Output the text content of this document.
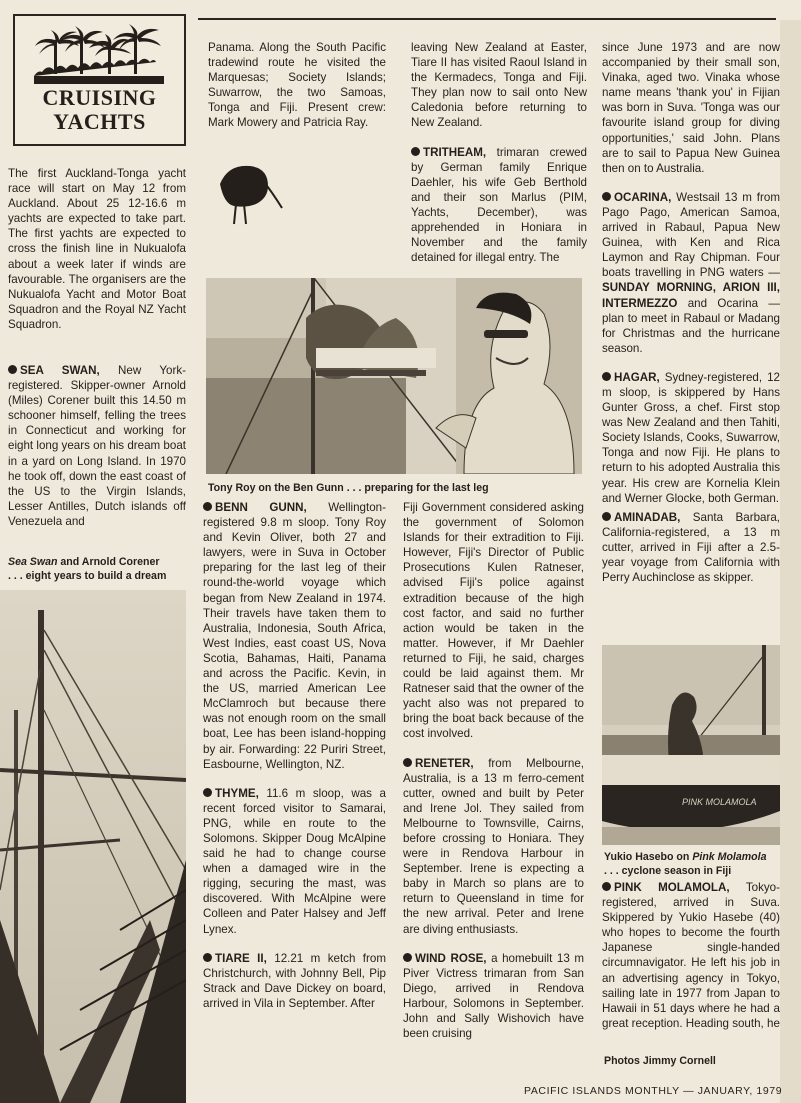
CRUISING
YACHTS

The first Auckland-Tonga yacht race will start on May 12 from Auckland. About 25 12-16.6 m yachts are expected to take part. The first yachts are expected to cross the finish line in Nukualofa about a week later if winds are favourable. The organisers are the Nukualofa Yacht and Motor Boat Squadron and the Royal NZ Yacht Squadron.

SEA SWAN, New York-registered. Skipper-owner Arnold (Miles) Corener built this 14.50 m schooner himself, felling the trees in Connecticut and working for eight long years on his dream boat in a yard on Long Island. In 1970 he took off, down the east coast of the US to the Virgin Islands, Lesser Antilles, Dutch islands off Venezuela and

Sea Swan and Arnold Corener
. . . eight years to build a dream

Panama. Along the South Pacific tradewind route he visited the Marquesas; Society Islands; Suwarrow, the two Samoas, Tonga and Fiji. Present crew: Mark Mowery and Patricia Ray.

leaving New Zealand at Easter, Tiare II has visited Raoul Island in the Kermadecs, Tonga and Fiji. They plan now to sail onto New Caledonia before returning to New Zealand.

TRITHEAM, trimaran crewed by German family Enrique Daehler, his wife Geb Berthold and their son Marlus (PIM, Yachts, December), was apprehended in Honiara in November and the family detained for illegal entry. The

Tony Roy on the Ben Gunn . . . preparing for the last leg

BENN GUNN, Wellington-registered 9.8 m sloop. Tony Roy and Kevin Oliver, both 27 and lawyers, were in Suva in October preparing for the last leg of their round-the-world voyage which began from New Zealand in 1974. Their travels have taken them to Australia, Indonesia, South Africa, West Indies, east coast US, Nova Scotia, Bahamas, Haiti, Panama and across the Pacific. Kevin, in the US, married American Lee McClamroch but because there was not enough room on the small boat, Lee has been island-hopping by air. Forwarding: 22 Puriri Street, Easbourne, Wellington, NZ.

THYME, 11.6 m sloop, was a recent forced visitor to Samarai, PNG, while en route to the Solomons. Skipper Doug McAlpine said he had to change course when a damaged wire in the rigging, securing the mast, was discovered. With McAlpine were Colleen and Pater Halsey and Jeff Lynex.

TIARE II, 12.21 m ketch from Christchurch, with Johnny Bell, Pip Strack and Dave Dickey on board, arrived in Vila in September. After

Fiji Government considered asking the government of Solomon Islands for their extradition to Fiji. However, Fiji's Director of Public Prosecutions Kulen Ratneser, advised Fiji's police against extradition because of the high cost factor, and said no further action would be taken in the matter. However, if Mr Daehler returned to Fiji, he said, charges could be laid against them. Mr Ratneser said that the owner of the yacht also was not prepared to bring the boat back because of the cost involved.

RENETER, from Melbourne, Australia, is a 13 m ferro-cement cutter, owned and built by Peter and Irene Jol. They sailed from Melbourne to Townsville, Cairns, before crossing to Honiara. They were in Rendova Harbour in September. Irene is expecting a baby in March so plans are to return to Queensland in time for the new arrival. Peter and Irene are diving enthusiasts.

WIND ROSE, a homebuilt 13 m Piver Victress trimaran from San Diego, arrived in Rendova Harbour, Solomons in September. John and Sally Wishovich have been cruising

since June 1973 and are now accompanied by their small son, Vinaka, aged two. Vinaka whose name means 'thank you' in Fijian was born in Suva. 'Tonga was our favourite island group for diving opportunities,' said John. Plans are to sail to Papua New Guinea then on to Australia.

OCARINA, Westsail 13 m from Pago Pago, American Samoa, arrived in Rabaul, Papua New Guinea, with Ken and Rica Laymon and Ray Chipman. Four boats travelling in PNG waters — SUNDAY MORNING, ARION III, INTERMEZZO and Ocarina — plan to meet in Rabaul or Madang for Christmas and the hurricane season.

HAGAR, Sydney-registered, 12 m sloop, is skippered by Hans Gunter Gross, a chef. First stop was New Zealand and then Tahiti, Society Islands, Cooks, Suwarrow, Tonga and now Fiji. He plans to return to his adopted Australia this year. His crew are Kornelia Klein and Werner Glocke, both German.

AMINADAB, Santa Barbara, California-registered, a 13 m cutter, arrived in Fiji after a 2.5-year voyage from California with Perry Auchinclose as skipper.

PINK MOLAMOLA
Yukio Hasebo on Pink Molamola
. . . cyclone season in Fiji

PINK MOLAMOLA, Tokyo-registered, arrived in Suva. Skippered by Yukio Hasebe (40) who hopes to become the fourth Japanese single-handed circumnavigator. He left his job in an advertising agency in Tokyo, sailing late in 1977 from Japan to Hawaii in 51 days where he had a great reception. Heading south, he

Photos Jimmy Cornell
PACIFIC ISLANDS MONTHLY — JANUARY, 1979
